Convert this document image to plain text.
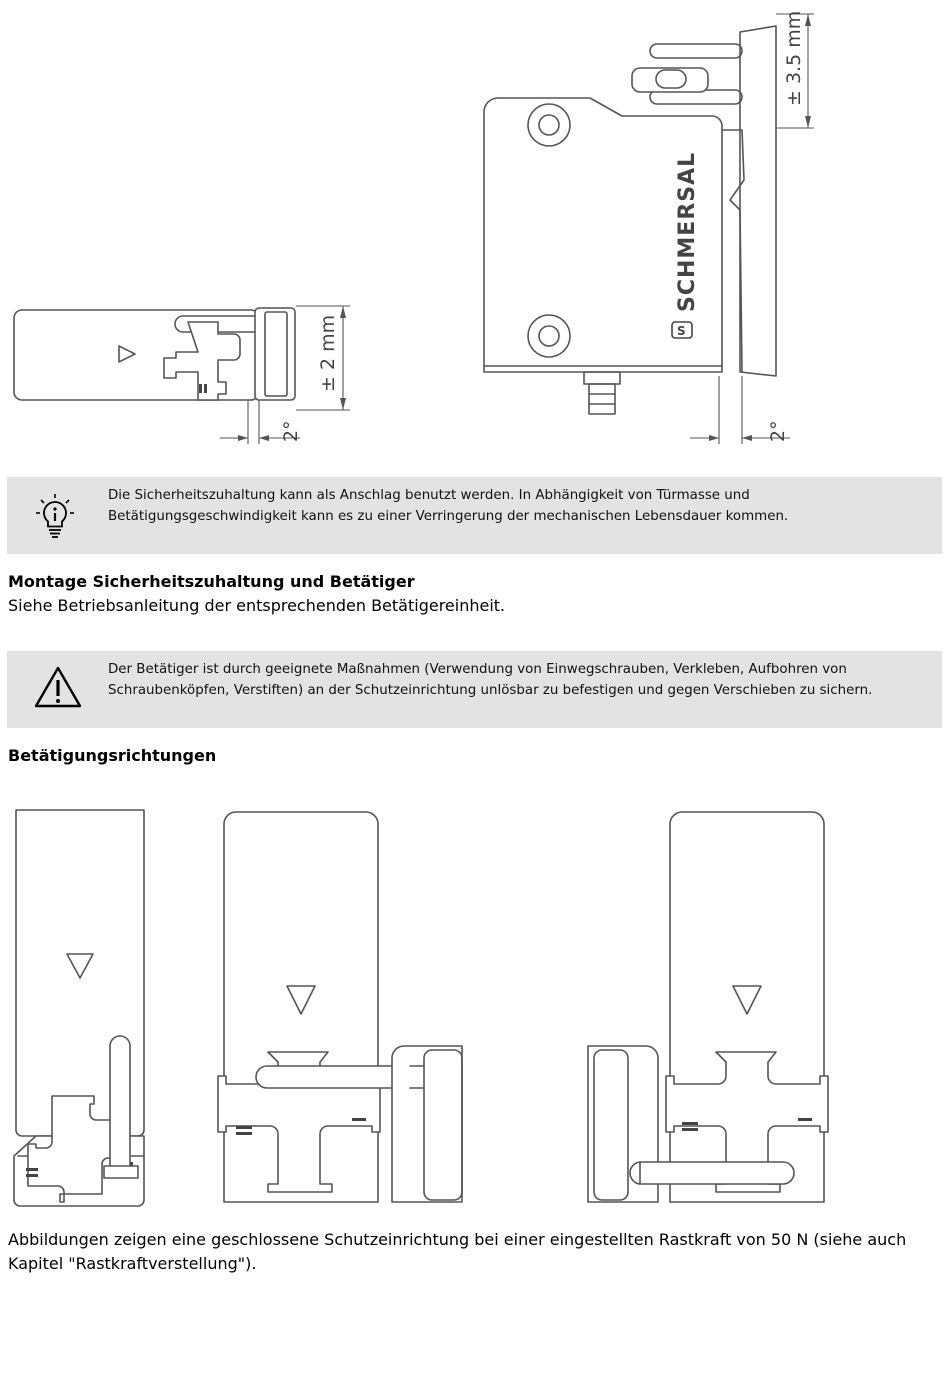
± 2 mm
2°
SCHMERSAL
S
± 3.5 mm
2°
Die Sicherheitszuhaltung kann als Anschlag benutzt werden. In Abhängigkeit von Türmasse und Betätigungsgeschwindigkeit kann es zu einer Verringerung der mechanischen Lebensdauer kommen.
Montage Sicherheitszuhaltung und Betätiger
Siehe Betriebsanleitung der entsprechenden Betätigereinheit.
Der Betätiger ist durch geeignete Maßnahmen (Verwendung von Einwegschrauben, Verkleben, Aufbohren von Schraubenköpfen, Verstiften) an der Schutzeinrichtung unlösbar zu befestigen und gegen Verschieben zu sichern.
Betätigungsrichtungen
Abbildungen zeigen eine geschlossene Schutzeinrichtung bei einer eingestellten Rastkraft von 50 N (siehe auch Kapitel "Rastkraftverstellung").
